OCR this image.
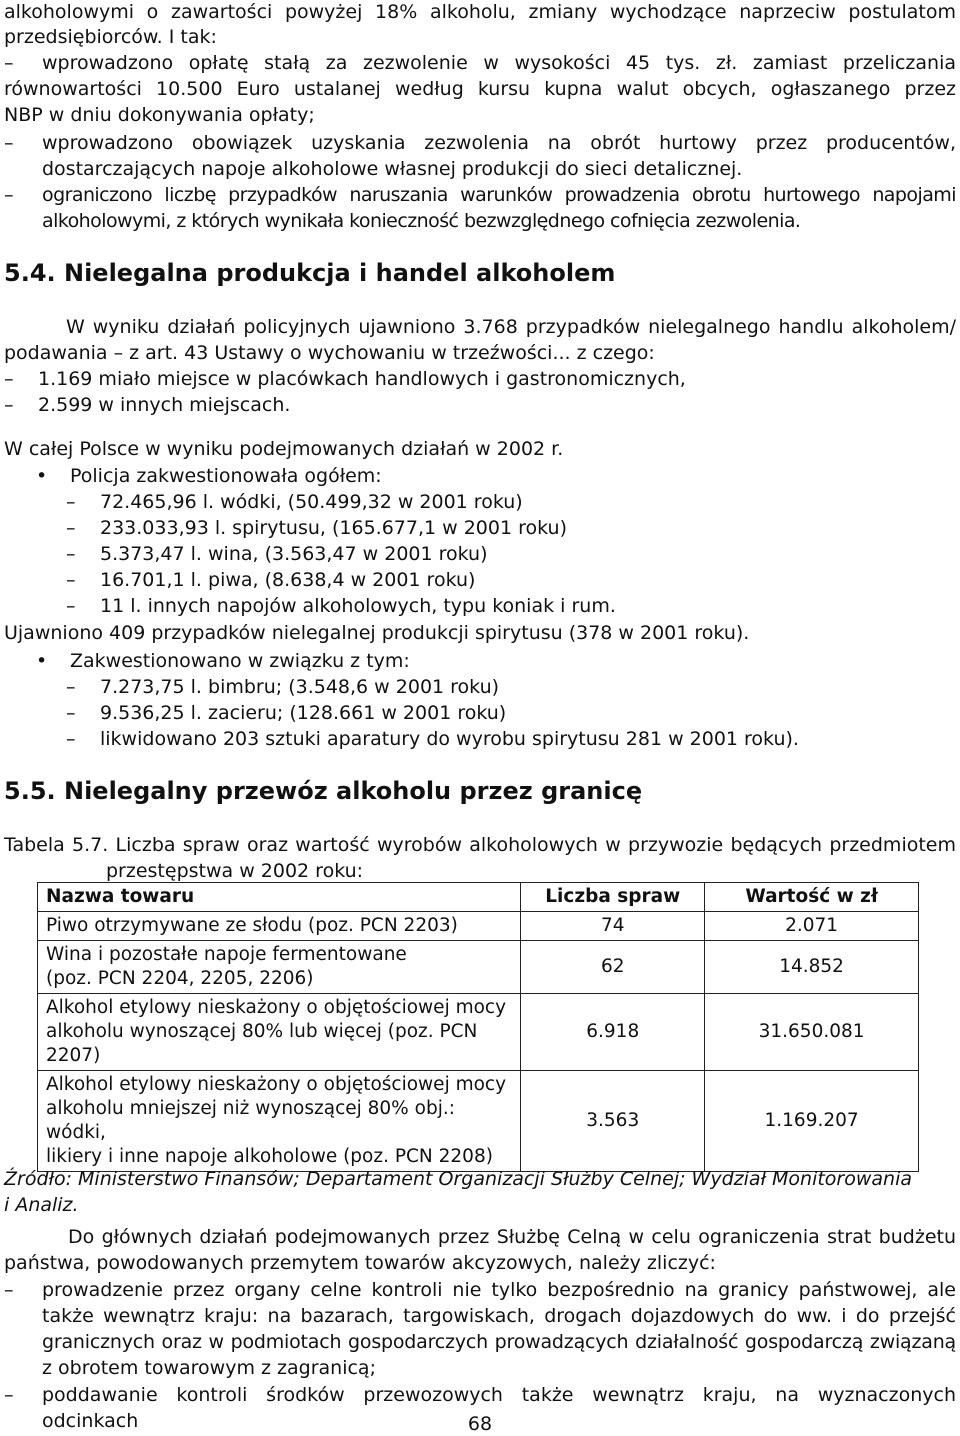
alkoholowymi o zawartości powyżej 18% alkoholu, zmiany wychodzące naprzeciw postulatom
przedsiębiorców. I tak:
– wprowadzono opłatę stałą za zezwolenie w wysokości 45 tys. zł. zamiast przeliczania
równowartości 10.500 Euro ustalanej według kursu kupna walut obcych, ogłaszanego przez
NBP w dniu dokonywania opłaty;
– wprowadzono obowiązek uzyskania zezwolenia na obrót hurtowy przez producentów,
dostarczających napoje alkoholowe własnej produkcji do sieci detalicznej.
– ograniczono liczbę przypadków naruszania warunków prowadzenia obrotu hurtowego napojami
alkoholowymi, z których wynikała konieczność bezwzględnego cofnięcia zezwolenia.
5.4. Nielegalna produkcja i handel alkoholem
W wyniku działań policyjnych ujawniono 3.768 przypadków nielegalnego handlu alkoholem/
podawania – z art. 43 Ustawy o wychowaniu w trzeźwości... z czego:
– 1.169 miało miejsce w placówkach handlowych i gastronomicznych,
– 2.599 w innych miejscach.
W całej Polsce w wyniku podejmowanych działań w 2002 r.
•	Policja zakwestionowała ogółem:
– 72.465,96 l. wódki, (50.499,32 w 2001 roku)
– 233.033,93 l. spirytusu, (165.677,1 w 2001 roku)
– 5.373,47 l. wina, (3.563,47 w 2001 roku)
– 16.701,1 l. piwa, (8.638,4 w 2001 roku)
– 11 l. innych napojów alkoholowych, typu koniak i rum.
Ujawniono 409 przypadków nielegalnej produkcji spirytusu (378 w 2001 roku).
•	Zakwestionowano w związku z tym:
– 7.273,75 l. bimbru; (3.548,6 w 2001 roku)
– 9.536,25 l. zacieru; (128.661 w 2001 roku)
– likwidowano 203 sztuki aparatury do wyrobu spirytusu 281 w 2001 roku).
5.5. Nielegalny przewóz alkoholu przez granicę
Tabela 5.7. Liczba spraw oraz wartość wyrobów alkoholowych w przywozie będących przedmiotem
przestępstwa w 2002 roku:
Nazwa towaru	Liczba spraw	Wartość w zł
Piwo otrzymywane ze słodu (poz. PCN 2203)	74	2.071
Wina i pozostałe napoje fermentowane
(poz. PCN 2204, 2205, 2206)	62	14.852
Alkohol etylowy nieskażony o objętościowej mocy
alkoholu wynoszącej 80% lub więcej (poz. PCN
2207)	6.918	31.650.081
Alkohol etylowy nieskażony o objętościowej mocy
alkoholu mniejszej niż wynoszącej 80% obj.: wódki,
likiery i inne napoje alkoholowe (poz. PCN 2208)	3.563	1.169.207
Źródło: Ministerstwo Finansów; Departament Organizacji Służby Celnej; Wydział Monitorowania
i Analiz.
Do głównych działań podejmowanych przez Służbę Celną w celu ograniczenia strat budżetu
państwa, powodowanych przemytem towarów akcyzowych, należy zliczyć:
– prowadzenie przez organy celne kontroli nie tylko bezpośrednio na granicy państwowej, ale
także wewnątrz kraju: na bazarach, targowiskach, drogach dojazdowych do ww. i do przejść
granicznych oraz w podmiotach gospodarczych prowadzących działalność gospodarczą związaną
z obrotem towarowym z zagranicą;
– poddawanie kontroli środków przewozowych także wewnątrz kraju, na wyznaczonych odcinkach	68
